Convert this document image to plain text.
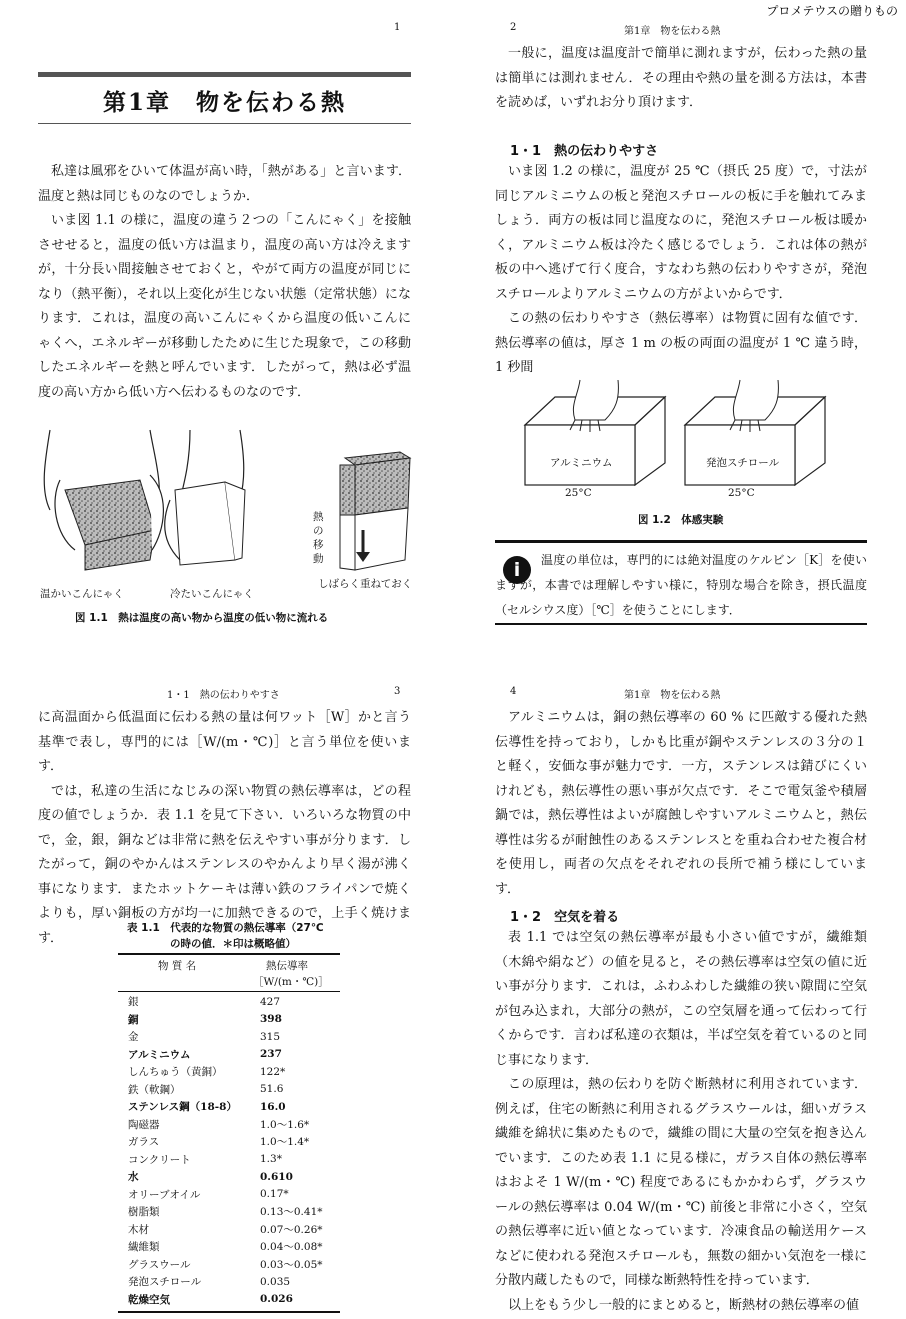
プロメテウスの贈りもの
1
第1章　物を伝わる熱

私達は風邪をひいて体温が高い時，「熱がある」と言います．温度と熱は同じものなのでしょうか．

いま図 1.1 の様に，温度の違う２つの「こんにゃく」を接触させせると，温度の低い方は温まり，温度の高い方は冷えますが，十分長い間接触させておくと，やがて両方の温度が同じになり（熱平衡），それ以上変化が生じない状態（定常状態）になります．これは，温度の高いこんにゃくから温度の低いこんにゃくへ，エネルギーが移動したために生じた現象で，この移動したエネルギーを熱と呼んでいます．したがって，熱は必ず温度の高い方から低い方へ伝わるものなのです．

熱の移動
温かいこんにゃく	冷たいこんにゃく
しばらく重ねておく
図 1.1　熱は温度の高い物から温度の低い物に流れる
2	第1章　物を伝わる熱
一般に，温度は温度計で簡単に測れますが，伝わった熱の量は簡単には測れません．その理由や熱の量を測る方法は，本書を読めば，いずれお分り頂けます．
1・1　熱の伝わりやすさ

いま図 1.2 の様に，温度が 25 ℃（摂氏 25 度）で，寸法が同じアルミニウムの板と発泡スチロールの板に手を触れてみましょう．両方の板は同じ温度なのに，発泡スチロール板は暖かく，アルミニウム板は冷たく感じるでしょう．これは体の熱が板の中へ逃げて行く度合，すなわち熱の伝わりやすさが，発泡スチロールよりアルミニウムの方がよいからです．

この熱の伝わりやすさ（熱伝導率）は物質に固有な値です．熱伝導率の値は，厚さ 1 m の板の両面の温度が 1 ℃ 違う時，1 秒間

アルミニウム	発泡スチロール
25°C	25°C
図 1.2　体感実験
i	温度の単位は，専門的には絶対温度のケルビン［K］を使いますが，本書では理解しやすい様に，特別な場合を除き，摂氏温度（セルシウス度）［℃］を使うことにします．
1・1　熱の伝わりやすさ	3

に高温面から低温面に伝わる熱の量は何ワット［W］かと言う基準で表し，専門的には［W/(m・℃)］と言う単位を使います．

では，私達の生活になじみの深い物質の熱伝導率は，どの程度の値でしょうか．表 1.1 を見て下さい．いろいろな物質の中で，金，銀，銅などは非常に熱を伝えやすい事が分ります．したがって，銅のやかんはステンレスのやかんより早く湯が沸く事になります．またホットケーキは薄い鉄のフライパンで焼くよりも，厚い銅板の方が均一に加熱できるので，上手く焼けます．

表 1.1　代表的な物質の熱伝導率（27℃
の時の値．＊印は概略値）
物 質 名	熱伝導率
［W/(m・℃)］
銀	427
銅	398
金	315
アルミニウム	237
しんちゅう（黄銅）	122*
鉄（軟鋼）	51.6
ステンレス鋼（18-8）	16.0
陶磁器	1.0～1.6*
ガラス	1.0～1.4*
コンクリート	1.3*
水	0.610
オリーブオイル	0.17*
樹脂類	0.13～0.41*
木材	0.07～0.26*
繊維類	0.04～0.08*
グラスウール	0.03～0.05*
発泡スチロール	0.035
乾燥空気	0.026
4	第1章　物を伝わる熱
アルミニウムは，銅の熱伝導率の 60 % に匹敵する優れた熱伝導性を持っており，しかも比重が銅やステンレスの３分の１と軽く，安価な事が魅力です．一方，ステンレスは錆びにくいけれども，熱伝導性の悪い事が欠点です．そこで電気釜や積層鍋では，熱伝導性はよいが腐蝕しやすいアルミニウムと，熱伝導性は劣るが耐蝕性のあるステンレスとを重ね合わせた複合材を使用し，両者の欠点をそれぞれの長所で補う様にしています．
1・2　空気を着る

表 1.1 では空気の熱伝導率が最も小さい値ですが，繊維類（木綿や絹など）の値を見ると，その熱伝導率は空気の値に近い事が分ります．これは，ふわふわした繊維の狭い隙間に空気が包み込まれ，大部分の熱が，この空気層を通って伝わって行くからです．言わば私達の衣類は，半ば空気を着ているのと同じ事になります．

この原理は，熱の伝わりを防ぐ断熱材に利用されています．例えば，住宅の断熱に利用されるグラスウールは，細いガラス繊維を綿状に集めたもので，繊維の間に大量の空気を抱き込んでいます．このため表 1.1 に見る様に，ガラス自体の熱伝導率はおよそ 1 W/(m・℃) 程度であるにもかかわらず，グラスウールの熱伝導率は 0.04 W/(m・℃) 前後と非常に小さく，空気の熱伝導率に近い値となっています．冷凍食品の輸送用ケースなどに使われる発泡スチロールも，無数の細かい気泡を一様に分散内蔵したもので，同様な断熱特性を持っています．

以上をもう少し一般的にまとめると，断熱材の熱伝導率の値
